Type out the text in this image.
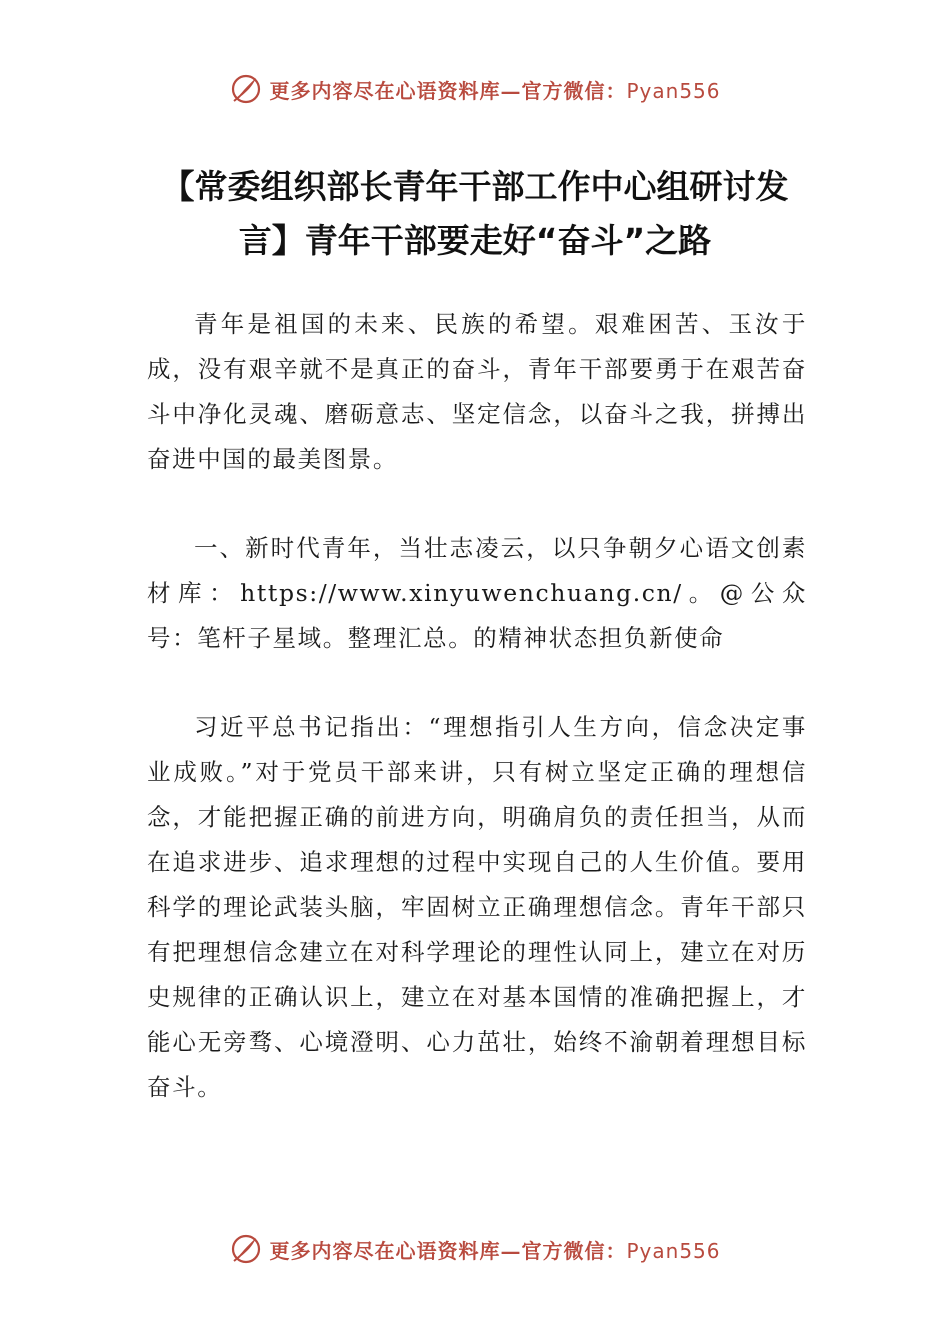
更多内容尽在心语资料库—官方微信：Pyan556
【常委组织部长青年干部工作中心组研讨发言】青年干部要走好“奋斗”之路

青年是祖国的未来、民族的希望。艰难困苦、玉汝于成，没有艰辛就不是真正的奋斗，青年干部要勇于在艰苦奋斗中净化灵魂、磨砺意志、坚定信念，以奋斗之我，拼搏出奋进中国的最美图景。

一、新时代青年，当壮志凌云，以只争朝夕心语文创素材库：https://www.xinyuwenchuang.cn/。@公众号：笔杆子星域。整理汇总。的精神状态担负新使命

习近平总书记指出：“理想指引人生方向，信念决定事业成败。”对于党员干部来讲，只有树立坚定正确的理想信念，才能把握正确的前进方向，明确肩负的责任担当，从而在追求进步、追求理想的过程中实现自己的人生价值。要用科学的理论武装头脑，牢固树立正确理想信念。青年干部只有把理想信念建立在对科学理论的理性认同上，建立在对历史规律的正确认识上，建立在对基本国情的准确把握上，才能心无旁骛、心境澄明、心力茁壮，始终不渝朝着理想目标奋斗。

更多内容尽在心语资料库—官方微信：Pyan556
